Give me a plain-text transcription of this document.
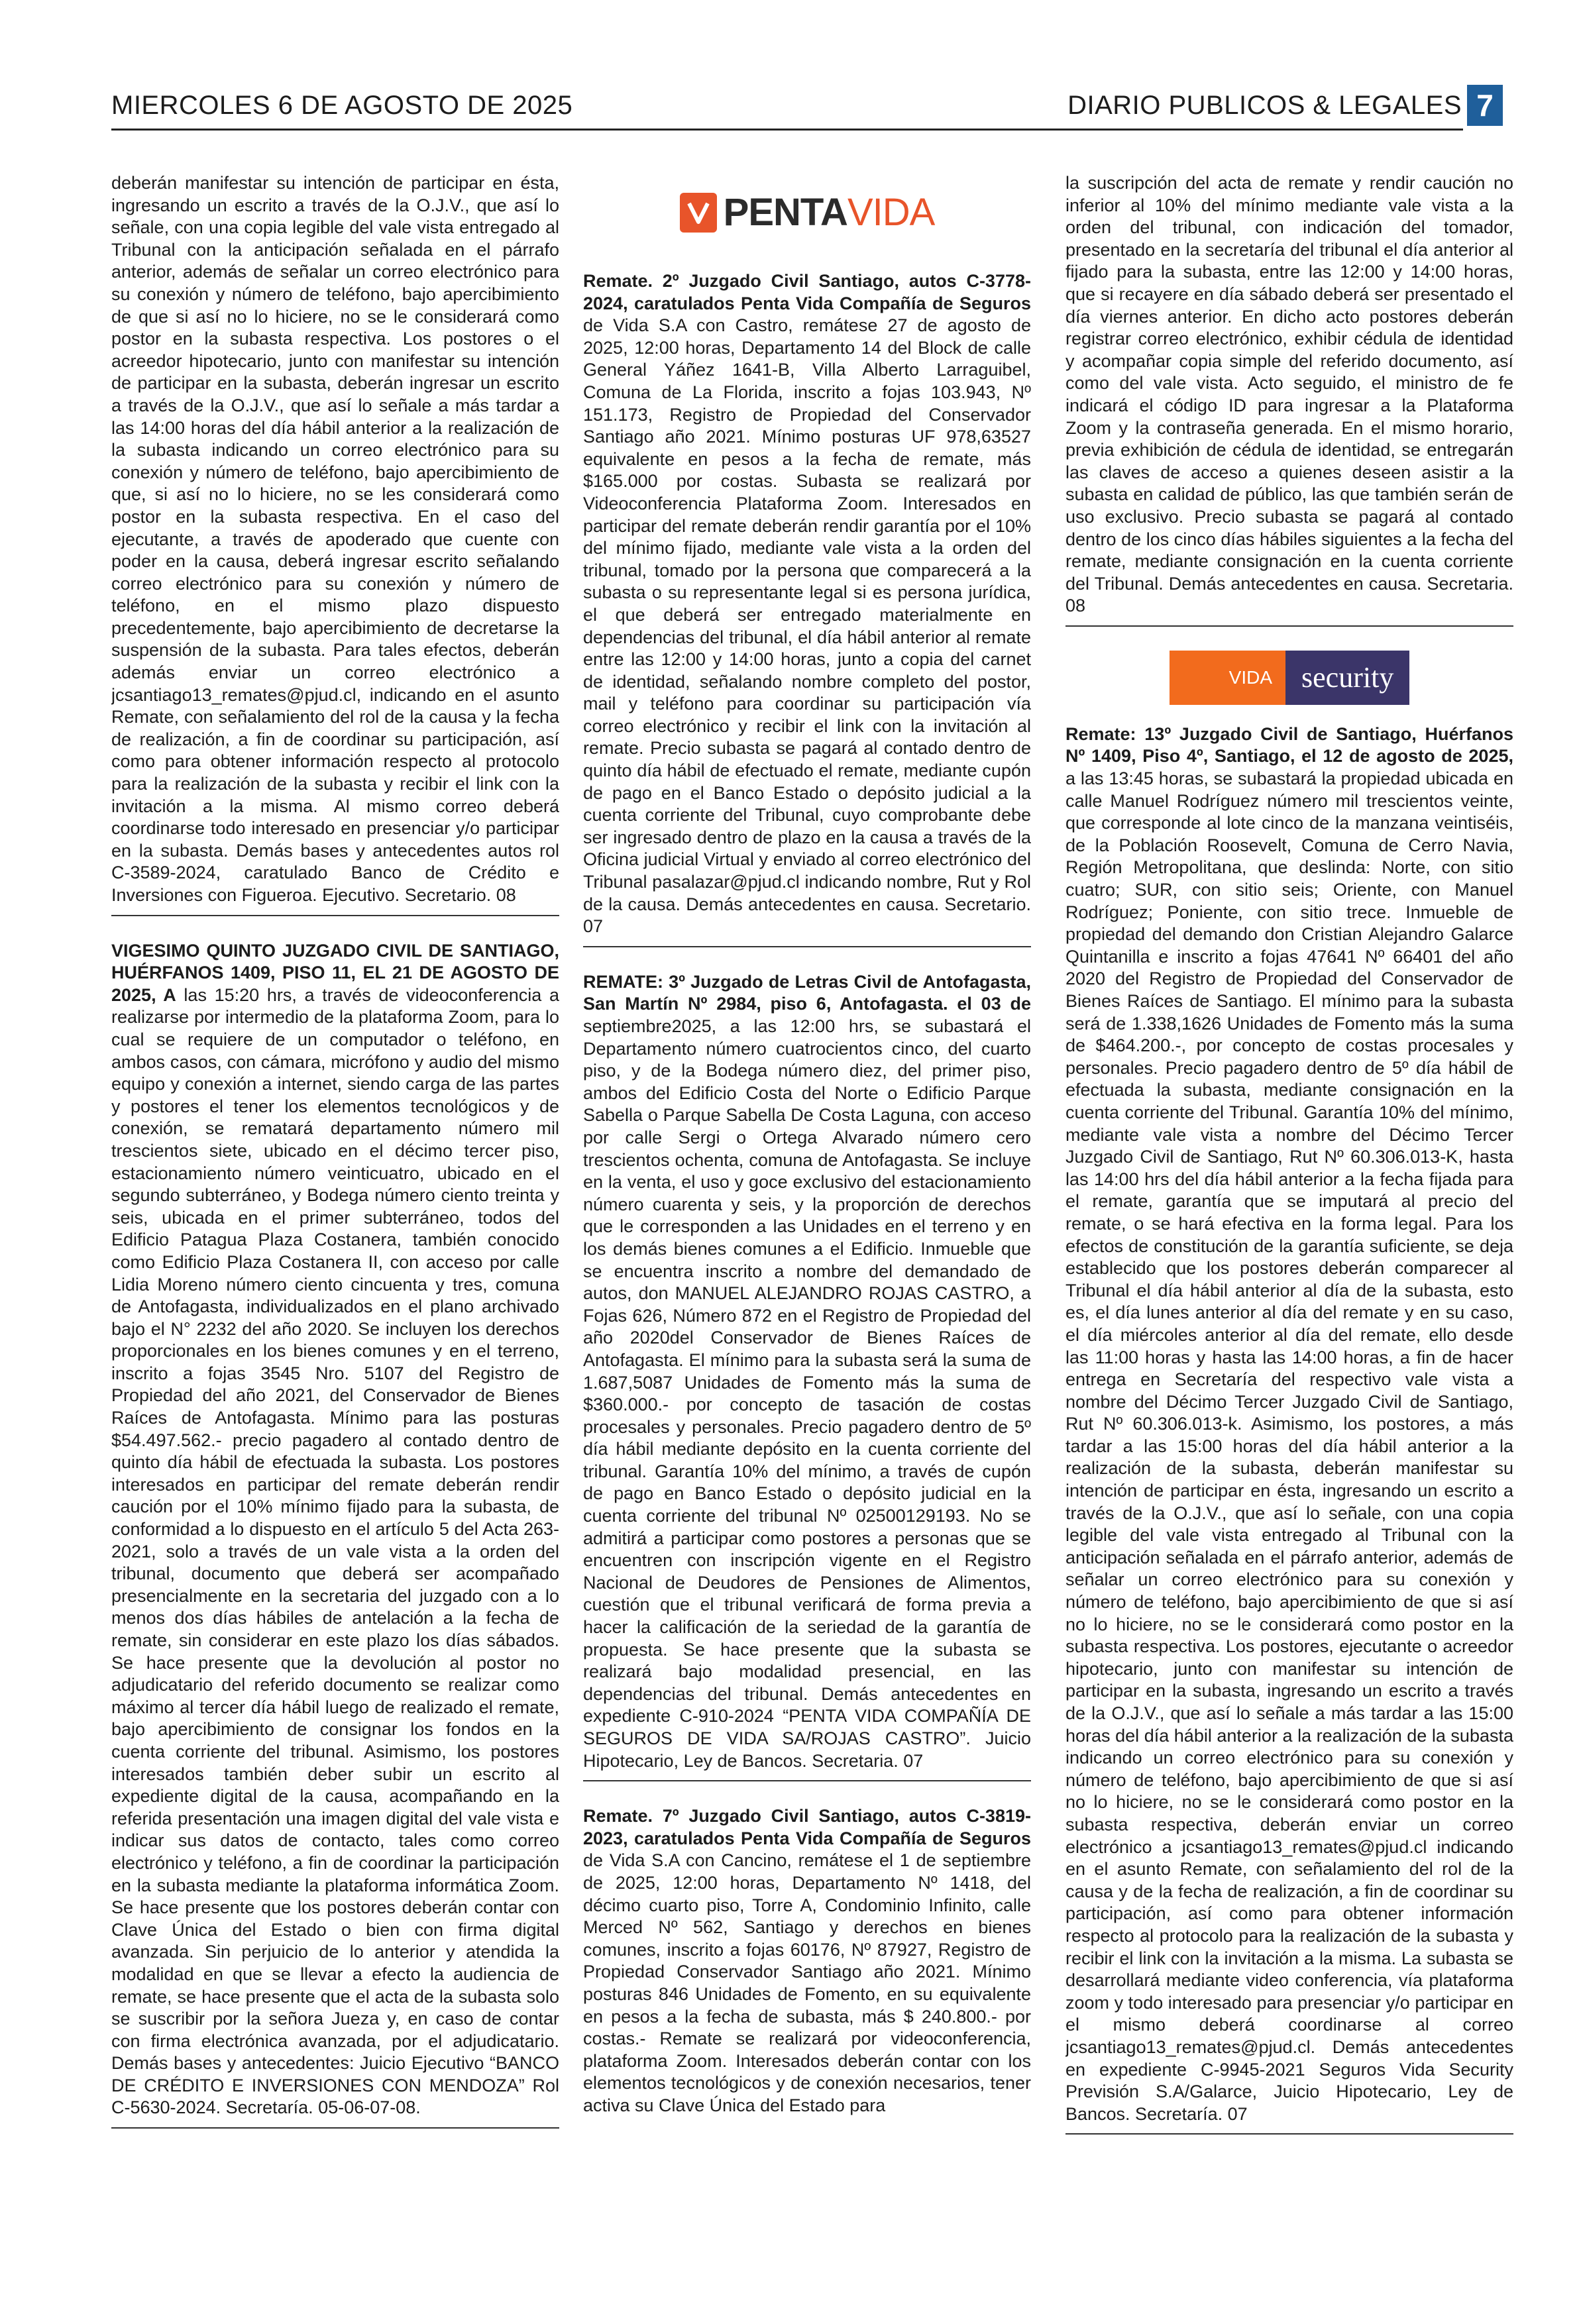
MIERCOLES 6 DE AGOSTO DE 2025	DIARIO PUBLICOS & LEGALES 7

deberán manifestar su intención de participar en ésta, ingresando un escrito a través de la O.J.V., que así lo señale, con una copia legible del vale vista entregado al Tribunal con la anticipación señalada en el párrafo anterior, además de señalar un correo electrónico para su conexión y número de teléfono, bajo apercibimiento de que si así no lo hiciere, no se le considerará como postor en la subasta respectiva. Los postores o el acreedor hipotecario, junto con manifestar su intención de participar en la subasta, deberán ingresar un escrito a través de la O.J.V., que así lo señale a más tardar a las 14:00 horas del día hábil anterior a la realización de la subasta indicando un correo electrónico para su conexión y número de teléfono, bajo apercibimiento de que, si así no lo hiciere, no se les considerará como postor en la subasta respectiva. En el caso del ejecutante, a través de apoderado que cuente con poder en la causa, deberá ingresar escrito señalando correo electrónico para su conexión y número de teléfono, en el mismo plazo dispuesto precedentemente, bajo apercibimiento de decretarse la suspensión de la subasta. Para tales efectos, deberán además enviar un correo electrónico a jcsantiago13_remates@pjud.cl, indicando en el asunto Remate, con señalamiento del rol de la causa y la fecha de realización, a fin de coordinar su participación, así como para obtener información respecto al protocolo para la realización de la subasta y recibir el link con la invitación a la misma. Al mismo correo deberá coordinarse todo interesado en presenciar y/o participar en la subasta. Demás bases y antecedentes autos rol C-3589-2024, caratulado Banco de Crédito e Inversiones con Figueroa. Ejecutivo. Secretario. 08

VIGESIMO QUINTO JUZGADO CIVIL DE SANTIAGO, HUÉRFANOS 1409, PISO 11, EL 21 DE AGOSTO DE 2025, A las 15:20 hrs, a través de videoconferencia a realizarse por intermedio de la plataforma Zoom, para lo cual se requiere de un computador o teléfono, en ambos casos, con cámara, micrófono y audio del mismo equipo y conexión a internet, siendo carga de las partes y postores el tener los elementos tecnológicos y de conexión, se rematará departamento número mil trescientos siete, ubicado en el décimo tercer piso, estacionamiento número veinticuatro, ubicado en el segundo subterráneo, y Bodega número ciento treinta y seis, ubicada en el primer subterráneo, todos del Edificio Patagua Plaza Costanera, también conocido como Edificio Plaza Costanera II, con acceso por calle Lidia Moreno número ciento cincuenta y tres, comuna de Antofagasta, individualizados en el plano archivado bajo el N° 2232 del año 2020. Se incluyen los derechos proporcionales en los bienes comunes y en el terreno, inscrito a fojas 3545 Nro. 5107 del Registro de Propiedad del año 2021, del Conservador de Bienes Raíces de Antofagasta. Mínimo para las posturas $54.497.562.- precio pagadero al contado dentro de quinto día hábil de efectuada la subasta. Los postores interesados en participar del remate deberán rendir caución por el 10% mínimo fijado para la subasta, de conformidad a lo dispuesto en el artículo 5 del Acta 263-2021, solo a través de un vale vista a la orden del tribunal, documento que deberá ser acompañado presencialmente en la secretaria del juzgado con a lo menos dos días hábiles de antelación a la fecha de remate, sin considerar en este plazo los días sábados. Se hace presente que la devolución al postor no adjudicatario del referido documento se realizar como máximo al tercer día hábil luego de realizado el remate, bajo apercibimiento de consignar los fondos en la cuenta corriente del tribunal. Asimismo, los postores interesados también deber subir un escrito al expediente digital de la causa, acompañando en la referida presentación una imagen digital del vale vista e indicar sus datos de contacto, tales como correo electrónico y teléfono, a fin de coordinar la participación en la subasta mediante la plataforma informática Zoom. Se hace presente que los postores deberán contar con Clave Única del Estado o bien con firma digital avanzada. Sin perjuicio de lo anterior y atendida la modalidad en que se llevar a efecto la audiencia de remate, se hace presente que el acta de la subasta solo se suscribir por la señora Jueza y, en caso de contar con firma electrónica avanzada, por el adjudicatario. Demás bases y antecedentes: Juicio Ejecutivo “BANCO DE CRÉDITO E INVERSIONES CON MENDOZA” Rol C-5630-2024. Secretaría. 05-06-07-08.

PENTA VIDA

Remate. 2º Juzgado Civil Santiago, autos C-3778-2024, caratulados Penta Vida Compañía de Seguros de Vida S.A con Castro, remátese 27 de agosto de 2025, 12:00 horas, Departamento 14 del Block de calle General Yáñez 1641-B, Villa Alberto Larraguibel, Comuna de La Florida, inscrito a fojas 103.943, Nº 151.173, Registro de Propiedad del Conservador Santiago año 2021. Mínimo posturas UF 978,63527 equivalente en pesos a la fecha de remate, más $165.000 por costas. Subasta se realizará por Videoconferencia Plataforma Zoom. Interesados en participar del remate deberán rendir garantía por el 10% del mínimo fijado, mediante vale vista a la orden del tribunal, tomado por la persona que comparecerá a la subasta o su representante legal si es persona jurídica, el que deberá ser entregado materialmente en dependencias del tribunal, el día hábil anterior al remate entre las 12:00 y 14:00 horas, junto a copia del carnet de identidad, señalando nombre completo del postor, mail y teléfono para coordinar su participación vía correo electrónico y recibir el link con la invitación al remate. Precio subasta se pagará al contado dentro de quinto día hábil de efectuado el remate, mediante cupón de pago en el Banco Estado o depósito judicial a la cuenta corriente del Tribunal, cuyo comprobante debe ser ingresado dentro de plazo en la causa a través de la Oficina judicial Virtual y enviado al correo electrónico del Tribunal pasalazar@pjud.cl indicando nombre, Rut y Rol de la causa. Demás antecedentes en causa. Secretario. 07

REMATE: 3º Juzgado de Letras Civil de Antofagasta, San Martín Nº 2984, piso 6, Antofagasta. el 03 de septiembre2025, a las 12:00 hrs, se subastará el Departamento número cuatrocientos cinco, del cuarto piso, y de la Bodega número diez, del primer piso, ambos del Edificio Costa del Norte o Edificio Parque Sabella o Parque Sabella De Costa Laguna, con acceso por calle Sergi o Ortega Alvarado número cero trescientos ochenta, comuna de Antofagasta. Se incluye en la venta, el uso y goce exclusivo del estacionamiento número cuarenta y seis, y la proporción de derechos que le corresponden a las Unidades en el terreno y en los demás bienes comunes a el Edificio. Inmueble que se encuentra inscrito a nombre del demandado de autos, don MANUEL ALEJANDRO ROJAS CASTRO, a Fojas 626, Número 872 en el Registro de Propiedad del año 2020del Conservador de Bienes Raíces de Antofagasta. El mínimo para la subasta será la suma de 1.687,5087 Unidades de Fomento más la suma de $360.000.- por concepto de tasación de costas procesales y personales. Precio pagadero dentro de 5º día hábil mediante depósito en la cuenta corriente del tribunal. Garantía 10% del mínimo, a través de cupón de pago en Banco Estado o depósito judicial en la cuenta corriente del tribunal Nº 02500129193. No se admitirá a participar como postores a personas que se encuentren con inscripción vigente en el Registro Nacional de Deudores de Pensiones de Alimentos, cuestión que el tribunal verificará de forma previa a hacer la calificación de la seriedad de la garantía de propuesta. Se hace presente que la subasta se realizará bajo modalidad presencial, en las dependencias del tribunal. Demás antecedentes en expediente C-910-2024 “PENTA VIDA COMPAÑÍA DE SEGUROS DE VIDA SA/ROJAS CASTRO”. Juicio Hipotecario, Ley de Bancos. Secretaria. 07

Remate. 7º Juzgado Civil Santiago, autos C-3819-2023, caratulados Penta Vida Compañía de Seguros de Vida S.A con Cancino, remátese el 1 de septiembre de 2025, 12:00 horas, Departamento Nº 1418, del décimo cuarto piso, Torre A, Condominio Infinito, calle Merced Nº 562, Santiago y derechos en bienes comunes, inscrito a fojas 60176, Nº 87927, Registro de Propiedad Conservador Santiago año 2021. Mínimo posturas 846 Unidades de Fomento, en su equivalente en pesos a la fecha de subasta, más $ 240.800.- por costas.- Remate se realizará por videoconferencia, plataforma Zoom. Interesados deberán contar con los elementos tecnológicos y de conexión necesarios, tener activa su Clave Única del Estado para

la suscripción del acta de remate y rendir caución no inferior al 10% del mínimo mediante vale vista a la orden del tribunal, con indicación del tomador, presentado en la secretaría del tribunal el día anterior al fijado para la subasta, entre las 12:00 y 14:00 horas, que si recayere en día sábado deberá ser presentado el día viernes anterior. En dicho acto postores deberán registrar correo electrónico, exhibir cédula de identidad y acompañar copia simple del referido documento, así como del vale vista. Acto seguido, el ministro de fe indicará el código ID para ingresar a la Plataforma Zoom y la contraseña generada. En el mismo horario, previa exhibición de cédula de identidad, se entregarán las claves de acceso a quienes deseen asistir a la subasta en calidad de público, las que también serán de uso exclusivo. Precio subasta se pagará al contado dentro de los cinco días hábiles siguientes a la fecha del remate, mediante consignación en la cuenta corriente del Tribunal. Demás antecedentes en causa. Secretaria. 08

VIDA	security

Remate: 13º Juzgado Civil de Santiago, Huérfanos Nº 1409, Piso 4º, Santiago, el 12 de agosto de 2025, a las 13:45 horas, se subastará la propiedad ubicada en calle Manuel Rodríguez número mil trescientos veinte, que corresponde al lote cinco de la manzana veintiséis, de la Población Roosevelt, Comuna de Cerro Navia, Región Metropolitana, que deslinda: Norte, con sitio cuatro; SUR, con sitio seis; Oriente, con Manuel Rodríguez; Poniente, con sitio trece. Inmueble de propiedad del demando don Cristian Alejandro Galarce Quintanilla e inscrito a fojas 47641 Nº 66401 del año 2020 del Registro de Propiedad del Conservador de Bienes Raíces de Santiago. El mínimo para la subasta será de 1.338,1626 Unidades de Fomento más la suma de $464.200.-, por concepto de costas procesales y personales. Precio pagadero dentro de 5º día hábil de efectuada la subasta, mediante consignación en la cuenta corriente del Tribunal. Garantía 10% del mínimo, mediante vale vista a nombre del Décimo Tercer Juzgado Civil de Santiago, Rut Nº 60.306.013-K, hasta las 14:00 hrs del día hábil anterior a la fecha fijada para el remate, garantía que se imputará al precio del remate, o se hará efectiva en la forma legal. Para los efectos de constitución de la garantía suficiente, se deja establecido que los postores deberán comparecer al Tribunal el día hábil anterior al día de la subasta, esto es, el día lunes anterior al día del remate y en su caso, el día miércoles anterior al día del remate, ello desde las 11:00 horas y hasta las 14:00 horas, a fin de hacer entrega en Secretaría del respectivo vale vista a nombre del Décimo Tercer Juzgado Civil de Santiago, Rut Nº 60.306.013-k. Asimismo, los postores, a más tardar a las 15:00 horas del día hábil anterior a la realización de la subasta, deberán manifestar su intención de participar en ésta, ingresando un escrito a través de la O.J.V., que así lo señale, con una copia legible del vale vista entregado al Tribunal con la anticipación señalada en el párrafo anterior, además de señalar un correo electrónico para su conexión y número de teléfono, bajo apercibimiento de que si así no lo hiciere, no se le considerará como postor en la subasta respectiva. Los postores, ejecutante o acreedor hipotecario, junto con manifestar su intención de participar en la subasta, ingresando un escrito a través de la O.J.V., que así lo señale a más tardar a las 15:00 horas del día hábil anterior a la realización de la subasta indicando un correo electrónico para su conexión y número de teléfono, bajo apercibimiento de que si así no lo hiciere, no se le considerará como postor en la subasta respectiva, deberán enviar un correo electrónico a jcsantiago13_remates@pjud.cl indicando en el asunto Remate, con señalamiento del rol de la causa y de la fecha de realización, a fin de coordinar su participación, así como para obtener información respecto al protocolo para la realización de la subasta y recibir el link con la invitación a la misma. La subasta se desarrollará mediante video conferencia, vía plataforma zoom y todo interesado para presenciar y/o participar en el mismo deberá coordinarse al correo jcsantiago13_remates@pjud.cl. Demás antecedentes en expediente C-9945-2021 Seguros Vida Security Previsión S.A/Galarce, Juicio Hipotecario, Ley de Bancos. Secretaría. 07
